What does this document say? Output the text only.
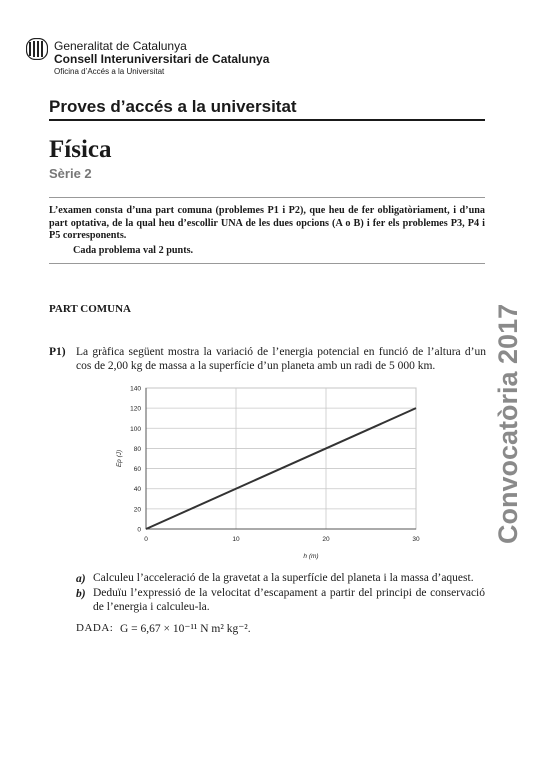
Generalitat de Catalunya
Consell Interuniversitari de Catalunya
Oficina d’Accés a la Universitat
Proves d’accés a la universitat
Física
Sèrie 2
L’examen consta d’una part comuna (problemes P1 i P2), que heu de fer obligatòriament, i d’una part optativa, de la qual heu d’escollir UNA de les dues opcions (A o B) i fer els problemes P3, P4 i P5 corresponents.
Cada problema val 2 punts.
Convocatòria 2017
PART COMUNA
P1) La gràfica següent mostra la variació de l’energia potencial en funció de l’altura d’un cos de 2,00 kg de massa a la superfície d’un planeta amb un radi de 5 000 km.
0
20
40
60
80
100
120
140
0	10	20	30
h (m)
Ep (J)
a) Calculeu l’acceleració de la gravetat a la superfície del planeta i la massa d’aquest.
b) Deduïu l’expressió de la velocitat d’escapament a partir del principi de conservació de l’energia i calculeu-la.
DADA: G = 6,67 × 10⁻¹¹ N m² kg⁻².
